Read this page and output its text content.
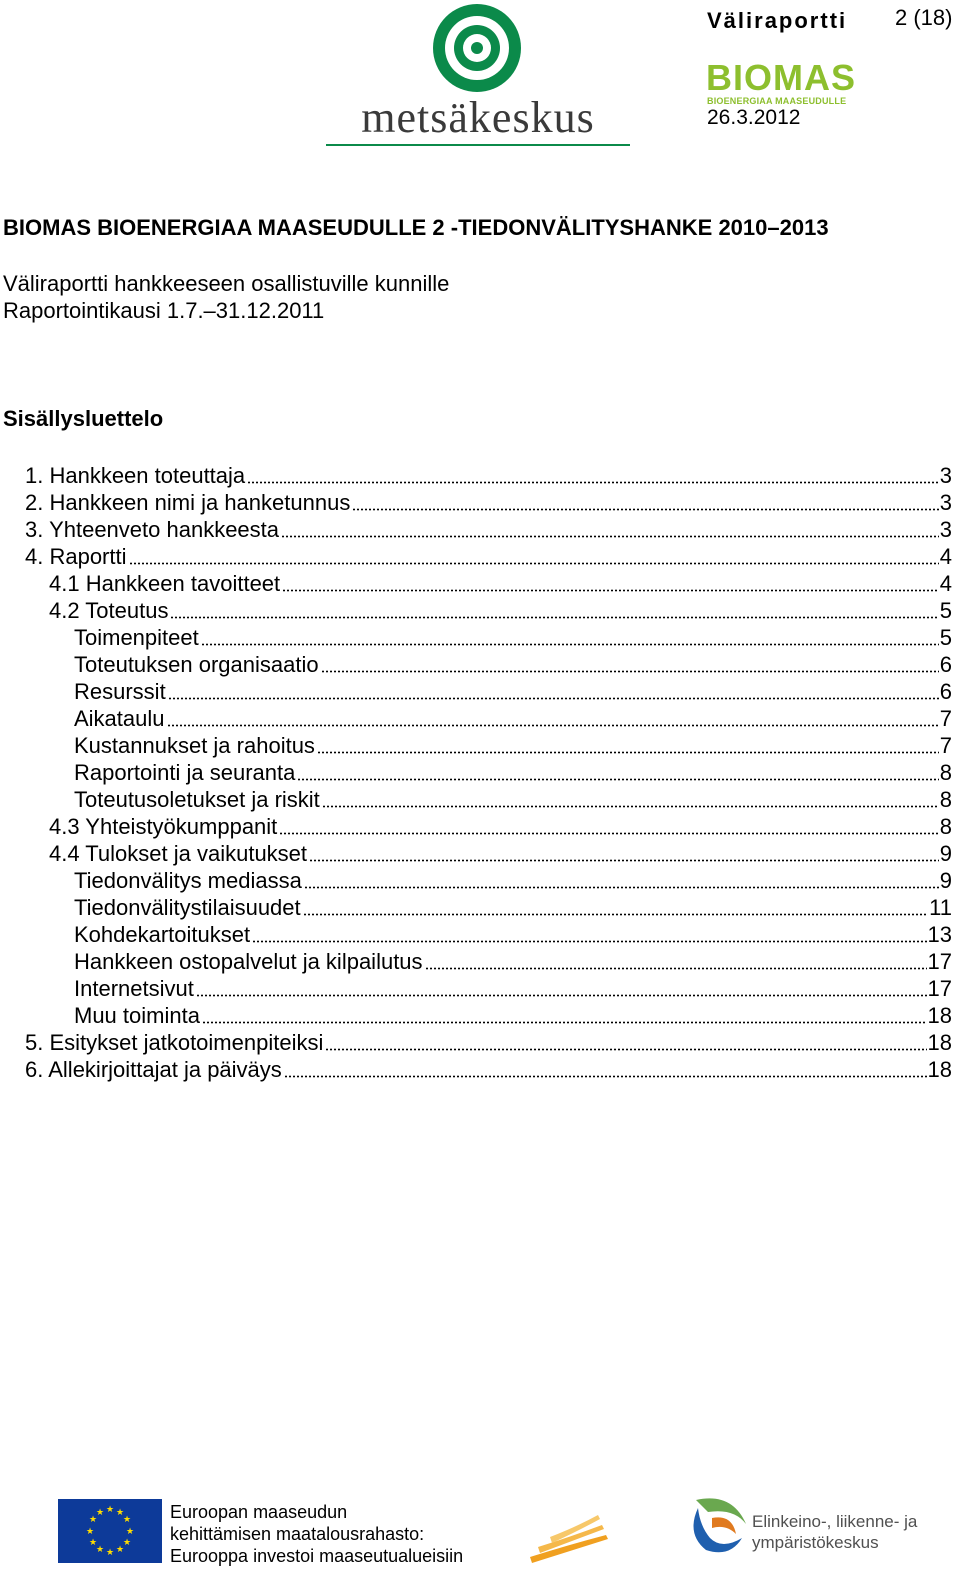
metsäkeskus
Väliraportti 2 (18)
BIOMAS
BIOENERGIAA MAASEUDULLE
26.3.2012
BIOMAS BIOENERGIAA MAASEUDULLE 2 -TIEDONVÄLITYSHANKE 2010–2013
Väliraportti hankkeeseen osallistuville kunnille
Raportointikausi 1.7.–31.12.2011
Sisällysluettelo
1. Hankkeen toteuttaja	3
2. Hankkeen nimi ja hanketunnus	3
3. Yhteenveto hankkeesta	3
4. Raportti	4
4.1 Hankkeen tavoitteet	4
4.2 Toteutus	5
Toimenpiteet	5
Toteutuksen organisaatio	6
Resurssit	6
Aikataulu	7
Kustannukset ja rahoitus	7
Raportointi ja seuranta	8
Toteutusoletukset ja riskit	8
4.3 Yhteistyökumppanit	8
4.4 Tulokset ja vaikutukset	9
Tiedonvälitys mediassa	9
Tiedonvälitystilaisuudet	11
Kohdekartoitukset	13
Hankkeen ostopalvelut ja kilpailutus	17
Internetsivut	17
Muu toiminta	18
5. Esitykset jatkotoimenpiteiksi	18
6. Allekirjoittajat ja päiväys	18
★ ★
★
★
★
★
★
★
★
★
★
★	Euroopan maaseudun
kehittämisen maatalousrahasto:
Eurooppa investoi maaseutualueisiin
Elinkeino-, liikenne- ja
ympäristökeskus
